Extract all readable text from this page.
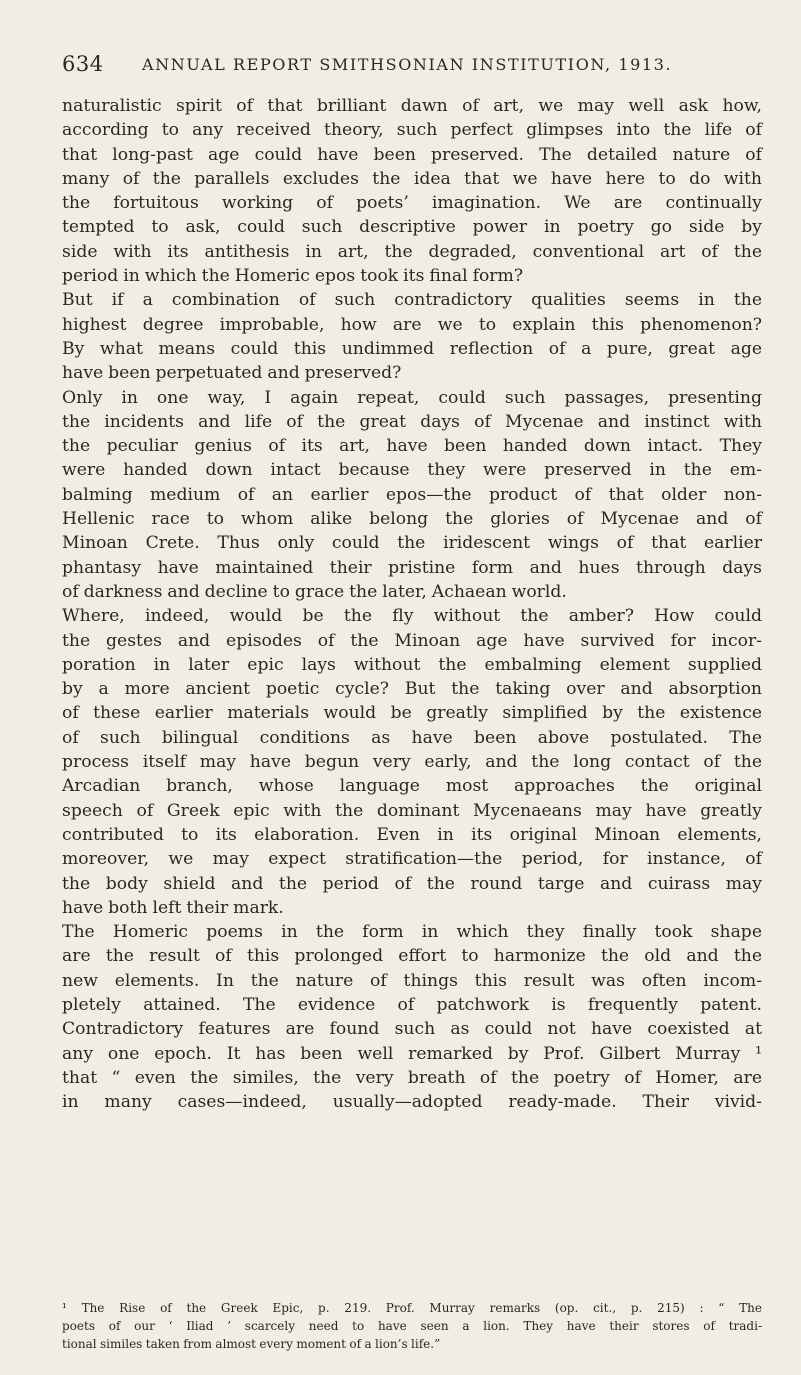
634 ANNUAL REPORT SMITHSONIAN INSTITUTION, 1913.
naturalistic spirit of that brilliant dawn of art, we may well ask how,
according to any received theory, such perfect glimpses into the life of
that long-past age could have been preserved. The detailed nature of
many of the parallels excludes the idea that we have here to do with
the fortuitous working of poets’ imagination. We are continually
tempted to ask, could such descriptive power in poetry go side by
side with its antithesis in art, the degraded, conventional art of the
period in which the Homeric epos took its final form?
But if a combination of such contradictory qualities seems in the
highest degree improbable, how are we to explain this phenomenon?
By what means could this undimmed reflection of a pure, great age
have been perpetuated and preserved?
Only in one way, I again repeat, could such passages, presenting
the incidents and life of the great days of Mycenae and instinct with
the peculiar genius of its art, have been handed down intact. They
were handed down intact because they were preserved in the em-
balming medium of an earlier epos—the product of that older non-
Hellenic race to whom alike belong the glories of Mycenae and of
Minoan Crete. Thus only could the iridescent wings of that earlier
phantasy have maintained their pristine form and hues through days
of darkness and decline to grace the later, Achaean world.
Where, indeed, would be the fly without the amber? How could
the gestes and episodes of the Minoan age have survived for incor-
poration in later epic lays without the embalming element supplied
by a more ancient poetic cycle? But the taking over and absorption
of these earlier materials would be greatly simplified by the existence
of such bilingual conditions as have been above postulated. The
process itself may have begun very early, and the long contact of the
Arcadian branch, whose language most approaches the original
speech of Greek epic with the dominant Mycenaeans may have greatly
contributed to its elaboration. Even in its original Minoan elements,
moreover, we may expect stratification—the period, for instance, of
the body shield and the period of the round targe and cuirass may
have both left their mark.
The Homeric poems in the form in which they finally took shape
are the result of this prolonged effort to harmonize the old and the
new elements. In the nature of things this result was often incom-
pletely attained. The evidence of patchwork is frequently patent.
Contradictory features are found such as could not have coexisted at
any one epoch. It has been well remarked by Prof. Gilbert Murray ¹
that “ even the similes, the very breath of the poetry of Homer, are
in many cases—indeed, usually—adopted ready-made. Their vivid-
¹ The Rise of the Greek Epic, p. 219. Prof. Murray remarks (op. cit., p. 215) : “ The
poets of our ‘ Iliad ’ scarcely need to have seen a lion. They have their stores of tradi-
tional similes taken from almost every moment of a lion’s life.”
